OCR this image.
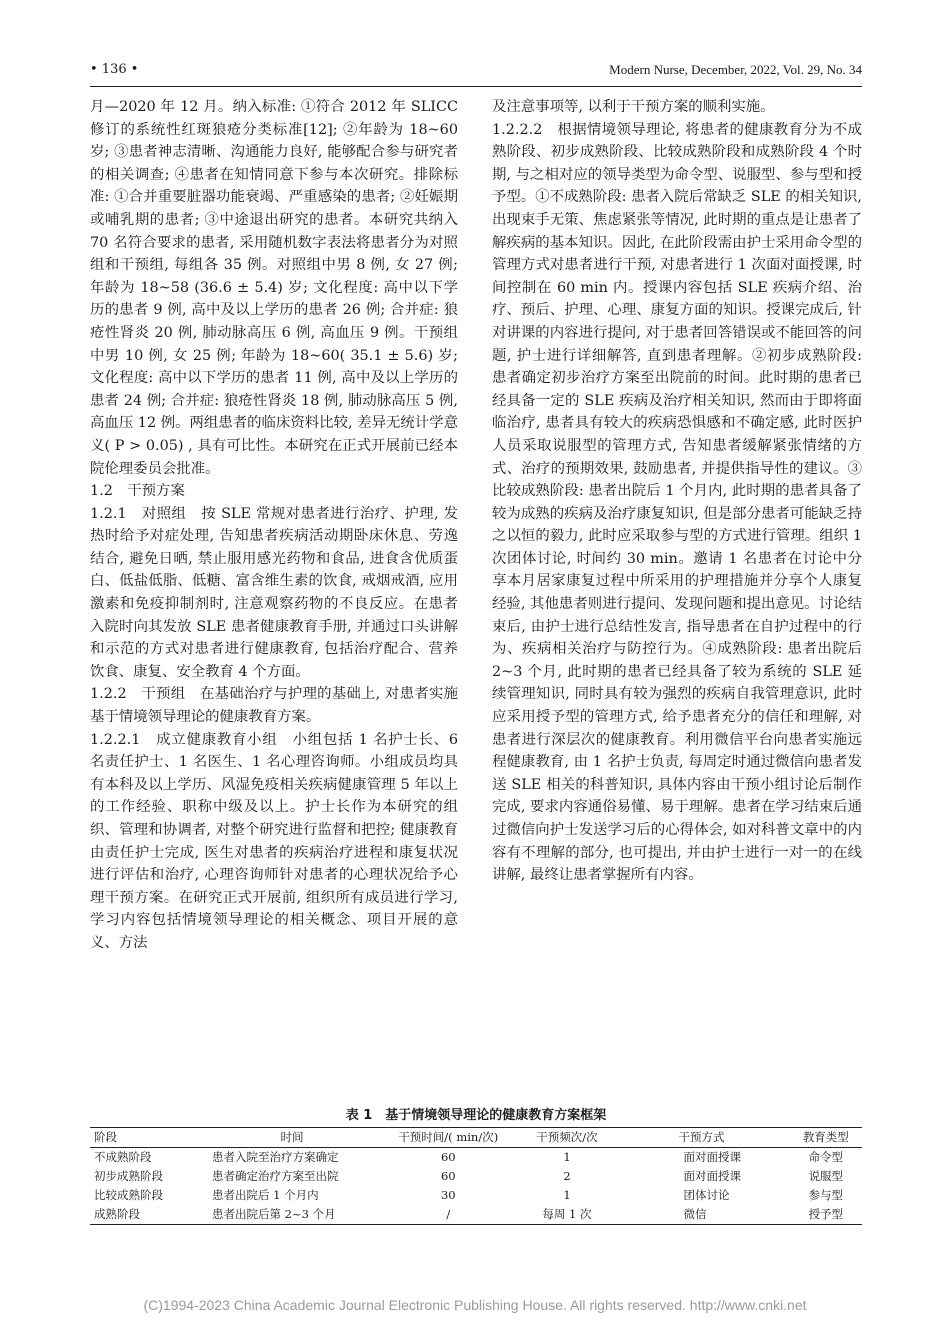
• 136 •	Modern Nurse, December, 2022, Vol. 29, No. 34

月—2020 年 12 月。纳入标准: ①符合 2012 年 SLICC 修订的系统性红斑狼疮分类标准[12]; ②年龄为 18~60 岁; ③患者神志清晰、沟通能力良好, 能够配合参与研究者的相关调查; ④患者在知情同意下参与本次研究。排除标准: ①合并重要脏器功能衰竭、严重感染的患者; ②妊娠期或哺乳期的患者; ③中途退出研究的患者。本研究共纳入 70 名符合要求的患者, 采用随机数字表法将患者分为对照组和干预组, 每组各 35 例。对照组中男 8 例, 女 27 例; 年龄为 18~58 (36.6 ± 5.4) 岁; 文化程度: 高中以下学历的患者 9 例, 高中及以上学历的患者 26 例; 合并症: 狼疮性肾炎 20 例, 肺动脉高压 6 例, 高血压 9 例。干预组中男 10 例, 女 25 例; 年龄为 18~60( 35.1 ± 5.6) 岁; 文化程度: 高中以下学历的患者 11 例, 高中及以上学历的患者 24 例; 合并症: 狼疮性肾炎 18 例, 肺动脉高压 5 例, 高血压 12 例。两组患者的临床资料比较, 差异无统计学意义( P > 0.05) , 具有可比性。本研究在正式开展前已经本院伦理委员会批准。

1.2　干预方案

1.2.1　对照组　按 SLE 常规对患者进行治疗、护理, 发热时给予对症处理, 告知患者疾病活动期卧床休息、劳逸结合, 避免日晒, 禁止服用感光药物和食品, 进食含优质蛋白、低盐低脂、低糖、富含维生素的饮食, 戒烟戒酒, 应用激素和免疫抑制剂时, 注意观察药物的不良反应。在患者入院时向其发放 SLE 患者健康教育手册, 并通过口头讲解和示范的方式对患者进行健康教育, 包括治疗配合、营养饮食、康复、安全教育 4 个方面。

1.2.2　干预组　在基础治疗与护理的基础上, 对患者实施基于情境领导理论的健康教育方案。

1.2.2.1　成立健康教育小组　小组包括 1 名护士长、6 名责任护士、1 名医生、1 名心理咨询师。小组成员均具有本科及以上学历、风湿免疫相关疾病健康管理 5 年以上的工作经验、职称中级及以上。护士长作为本研究的组织、管理和协调者, 对整个研究进行监督和把控; 健康教育由责任护士完成, 医生对患者的疾病治疗进程和康复状况进行评估和治疗, 心理咨询师针对患者的心理状况给予心理干预方案。在研究正式开展前, 组织所有成员进行学习, 学习内容包括情境领导理论的相关概念、项目开展的意义、方法

及注意事项等, 以利于干预方案的顺利实施。

1.2.2.2　根据情境领导理论, 将患者的健康教育分为不成熟阶段、初步成熟阶段、比较成熟阶段和成熟阶段 4 个时期, 与之相对应的领导类型为命令型、说服型、参与型和授予型。①不成熟阶段: 患者入院后常缺乏 SLE 的相关知识, 出现束手无策、焦虑紧张等情况, 此时期的重点是让患者了解疾病的基本知识。因此, 在此阶段需由护士采用命令型的管理方式对患者进行干预, 对患者进行 1 次面对面授课, 时间控制在 60 min 内。授课内容包括 SLE 疾病介绍、治疗、预后、护理、心理、康复方面的知识。授课完成后, 针对讲课的内容进行提问, 对于患者回答错误或不能回答的问题, 护士进行详细解答, 直到患者理解。②初步成熟阶段: 患者确定初步治疗方案至出院前的时间。此时期的患者已经具备一定的 SLE 疾病及治疗相关知识, 然而由于即将面临治疗, 患者具有较大的疾病恐惧感和不确定感, 此时医护人员采取说服型的管理方式, 告知患者缓解紧张情绪的方式、治疗的预期效果, 鼓励患者, 并提供指导性的建议。③比较成熟阶段: 患者出院后 1 个月内, 此时期的患者具备了较为成熟的疾病及治疗康复知识, 但是部分患者可能缺乏持之以恒的毅力, 此时应采取参与型的方式进行管理。组织 1 次团体讨论, 时间约 30 min。邀请 1 名患者在讨论中分享本月居家康复过程中所采用的护理措施并分享个人康复经验, 其他患者则进行提问、发现问题和提出意见。讨论结束后, 由护士进行总结性发言, 指导患者在自护过程中的行为、疾病相关治疗与防控行为。④成熟阶段: 患者出院后 2~3 个月, 此时期的患者已经具备了较为系统的 SLE 延续管理知识, 同时具有较为强烈的疾病自我管理意识, 此时应采用授予型的管理方式, 给予患者充分的信任和理解, 对患者进行深层次的健康教育。利用微信平台向患者实施远程健康教育, 由 1 名护士负责, 每周定时通过微信向患者发送 SLE 相关的科普知识, 具体内容由干预小组讨论后制作完成, 要求内容通俗易懂、易于理解。患者在学习结束后通过微信向护士发送学习后的心得体会, 如对科普文章中的内容有不理解的部分, 也可提出, 并由护士进行一对一的在线讲解, 最终让患者掌握所有内容。

表 1　基于情境领导理论的健康教育方案框架
阶段	时间	干预时间/( min/次)	干预频次/次	干预方式	教育类型
不成熟阶段	患者入院至治疗方案确定	60	1	面对面授课	命令型
初步成熟阶段	患者确定治疗方案至出院	60	2	面对面授课	说服型
比较成熟阶段	患者出院后 1 个月内	30	1	团体讨论	参与型
成熟阶段	患者出院后第 2~3 个月	/	每周 1 次	微信	授予型
(C)1994-2023 China Academic Journal Electronic Publishing House. All rights reserved. http://www.cnki.net
